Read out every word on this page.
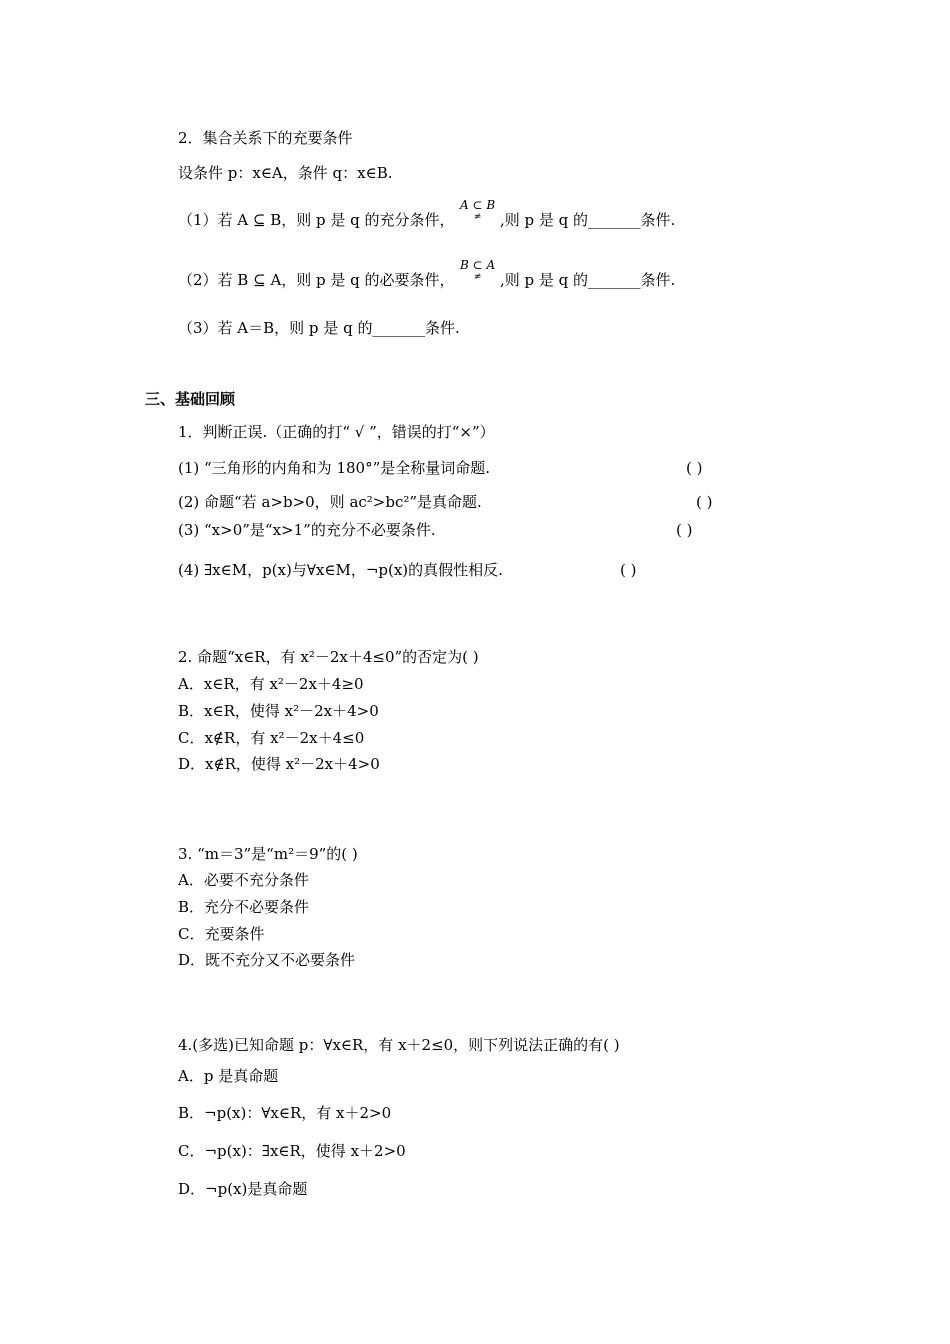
2．集合关系下的充要条件
设条件 p：x∈A，条件 q：x∈B.
（1）若 A ⊆ B，则 p 是 q 的充分条件，
A ⊂ B
≠	,则 p 是 q 的_______条件.
（2）若 B ⊆ A，则 p 是 q 的必要条件，
B ⊂ A
≠	,则 p 是 q 的_______条件.
（3）若 A＝B，则 p 是 q 的_______条件.
三、基础回顾
1．判断正误.（正确的打“ √ ”，错误的打“×”）
(1) “三角形的内角和为 180°”是全称量词命题.	( )
(2) 命题“若 a>b>0，则 ac²>bc²”是真命题.	( )
(3) “x>0”是“x>1”的充分不必要条件.	( )
(4) ∃x∈M，p(x)与∀x∈M，¬p(x)的真假性相反.	( )
2. 命题“x∈R，有 x²－2x＋4≤0”的否定为( )
A．x∈R，有 x²－2x＋4≥0
B．x∈R，使得 x²－2x＋4>0
C．x∉R，有 x²－2x＋4≤0
D．x∉R，使得 x²－2x＋4>0
3. “m＝3”是“m²＝9”的( )
A．必要不充分条件
B．充分不必要条件
C．充要条件
D．既不充分又不必要条件
4.(多选)已知命题 p：∀x∈R，有 x＋2≤0，则下列说法正确的有( )
A．p 是真命题
B．¬p(x)：∀x∈R，有 x＋2>0
C．¬p(x)：∃x∈R，使得 x＋2>0
D．¬p(x)是真命题
